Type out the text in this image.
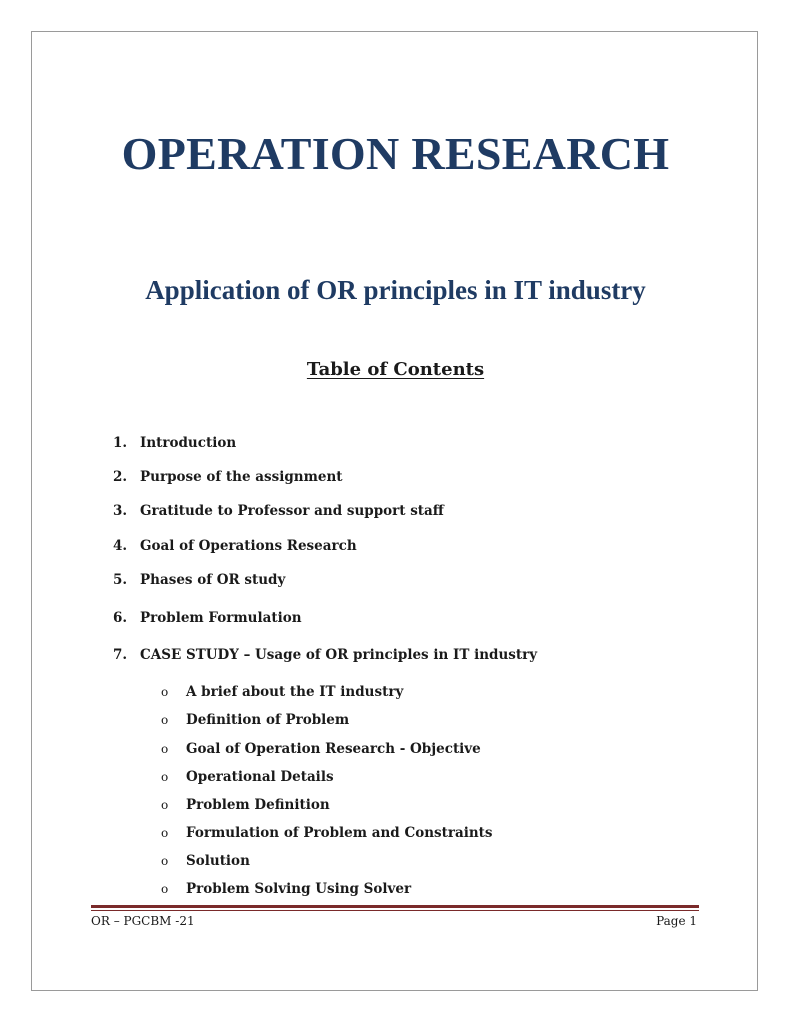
OPERATION RESEARCH
Application of OR principles in IT industry
Table of Contents
1. Introduction
2. Purpose of the assignment
3. Gratitude to Professor and support staff
4. Goal of Operations Research
5. Phases of OR study
6. Problem Formulation
7. CASE STUDY – Usage of OR principles in IT industry
o A brief about the IT industry
o Definition of Problem
o Goal of Operation Research - Objective
o Operational Details
o Problem Definition
o Formulation of Problem and Constraints
o Solution
o Problem Solving Using Solver
OR – PGCBM -21	Page 1
